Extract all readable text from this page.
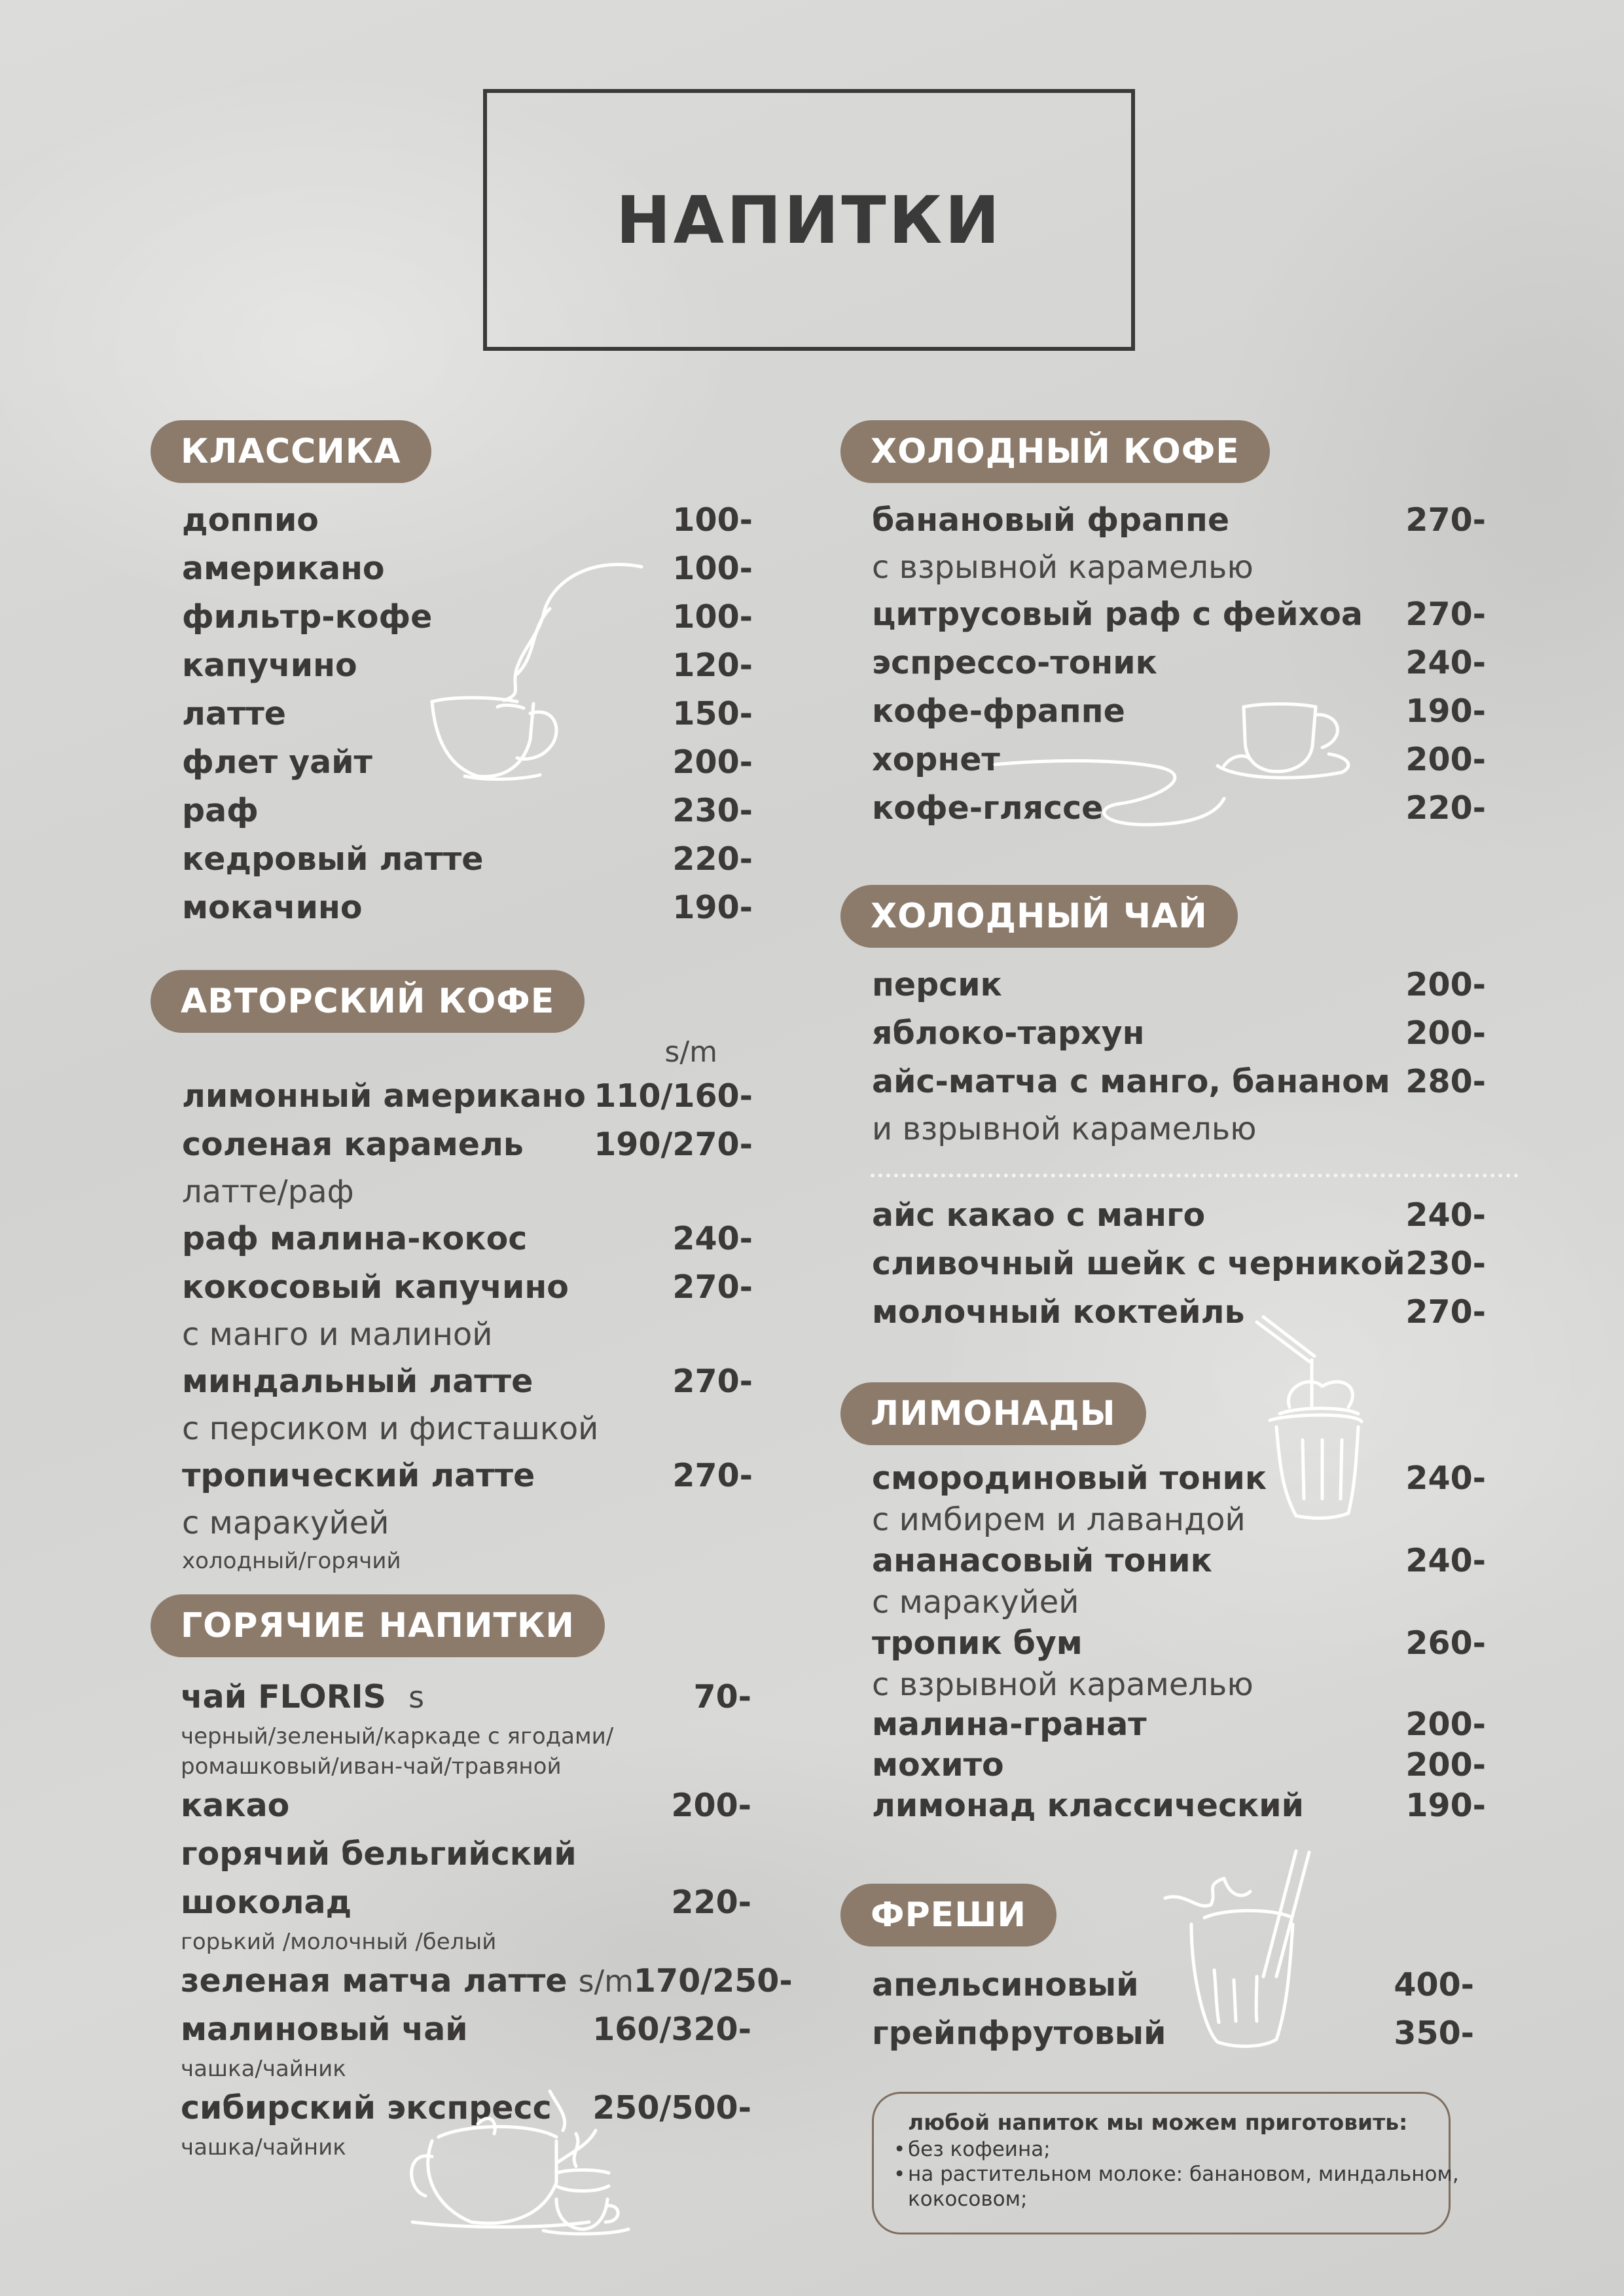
НАПИТКИ
КЛАССИКА
доппио	100-
американо	100-
фильтр-кофе	100-
капучино	120-
латте	150-
флет уайт	200-
раф	230-
кедровый латте	220-
мокачино	190-
АВТОРСКИЙ КОФЕ
s/m
лимонный американо 110/160-
соленая карамель 190/270-
латте/раф
раф малина-кокос	240-
кокосовый капучино	270-
с манго и малиной
миндальный латте	270-
с персиком и фисташкой
тропический латте	270-
с маракуйей
холодный/горячий
ГОРЯЧИЕ НАПИТКИ
чай FLORIS s	70-
черный/зеленый/каркаде с ягодами/
ромашковый/иван-чай/травяной
какао	200-
горячий бельгийский
шоколад	220-
горький /молочный /белый
зеленая матча латте s/m 170/250-
малиновый чай	160/320-
чашка/чайник
сибирский экспресс 250/500-
чашка/чайник
ХОЛОДНЫЙ КОФЕ
банановый фраппе	270-
с взрывной карамелью
цитрусовый раф с фейхоа 270-
эспрессо-тоник	240-
кофе-фраппе	190-
хорнет	200-
кофе-гляссе	220-
ХОЛОДНЫЙ ЧАЙ
персик	200-
яблоко-тархун	200-
айс-матча с манго, бананом 280-
и взрывной карамелью
айс какао с манго	240-
сливочный шейк с черникой 230-
молочный коктейль	270-
ЛИМОНАДЫ
смородиновый тоник	240-
с имбирем и лавандой
ананасовый тоник	240-
с маракуйей
тропик бум	260-
с взрывной карамелью
малина-гранат	200-
мохито	200-
лимонад классический	190-
ФРЕШИ
апельсиновый	400-
грейпфрутовый	350-
любой напиток мы можем приготовить:
• без кофеина;
• на растительном молоке: банановом, миндальном,
кокосовом;
